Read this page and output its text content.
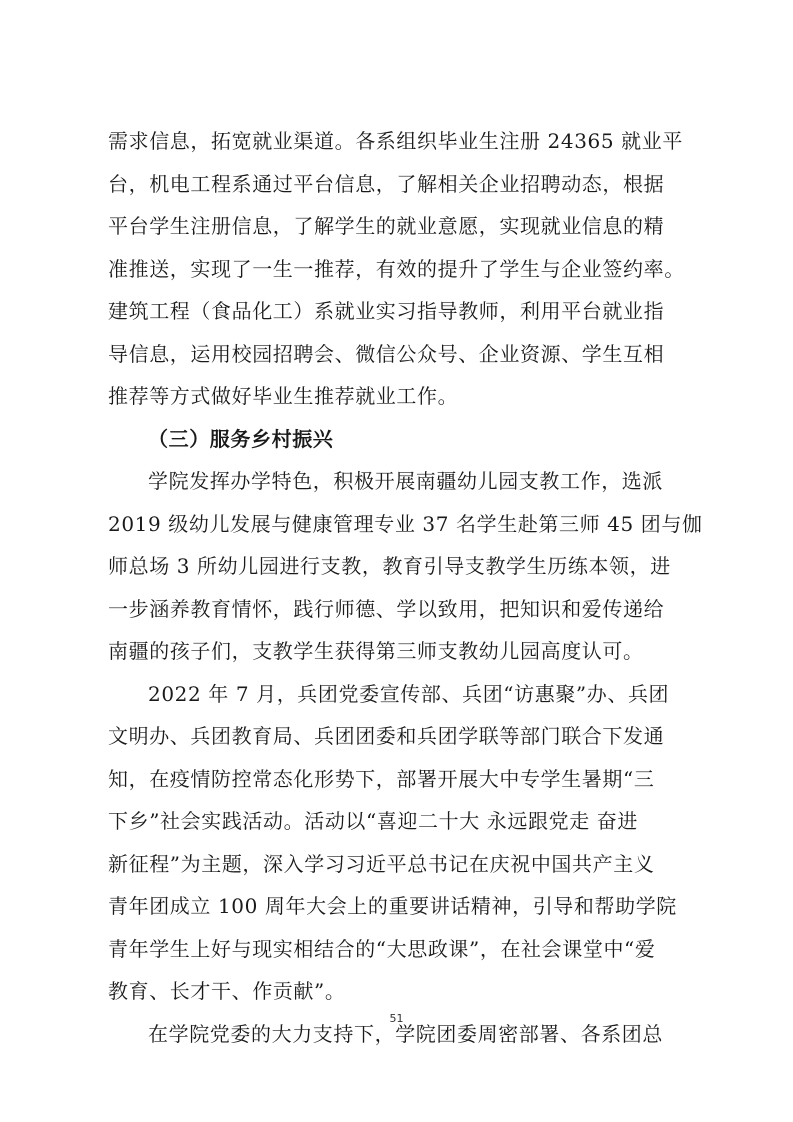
需求信息，拓宽就业渠道。各系组织毕业生注册 24365 就业平
台，机电工程系通过平台信息，了解相关企业招聘动态，根据
平台学生注册信息，了解学生的就业意愿，实现就业信息的精
准推送，实现了一生一推荐，有效的提升了学生与企业签约率。
建筑工程（食品化工）系就业实习指导教师，利用平台就业指
导信息，运用校园招聘会、微信公众号、企业资源、学生互相
推荐等方式做好毕业生推荐就业工作。
（三）服务乡村振兴
学院发挥办学特色，积极开展南疆幼儿园支教工作，选派
2019 级幼儿发展与健康管理专业 37 名学生赴第三师 45 团与伽
师总场 3 所幼儿园进行支教，教育引导支教学生历练本领，进
一步涵养教育情怀，践行师德、学以致用，把知识和爱传递给
南疆的孩子们，支教学生获得第三师支教幼儿园高度认可。
2022 年 7 月，兵团党委宣传部、兵团“访惠聚”办、兵团
文明办、兵团教育局、兵团团委和兵团学联等部门联合下发通
知，在疫情防控常态化形势下，部署开展大中专学生暑期“三
下乡”社会实践活动。活动以“喜迎二十大 永远跟党走 奋进
新征程”为主题，深入学习习近平总书记在庆祝中国共产主义
青年团成立 100 周年大会上的重要讲话精神，引导和帮助学院
青年学生上好与现实相结合的“大思政课”，在社会课堂中“爱
教育、长才干、作贡献”。
在学院党委的大力支持下，学院团委周密部署、各系团总
51
